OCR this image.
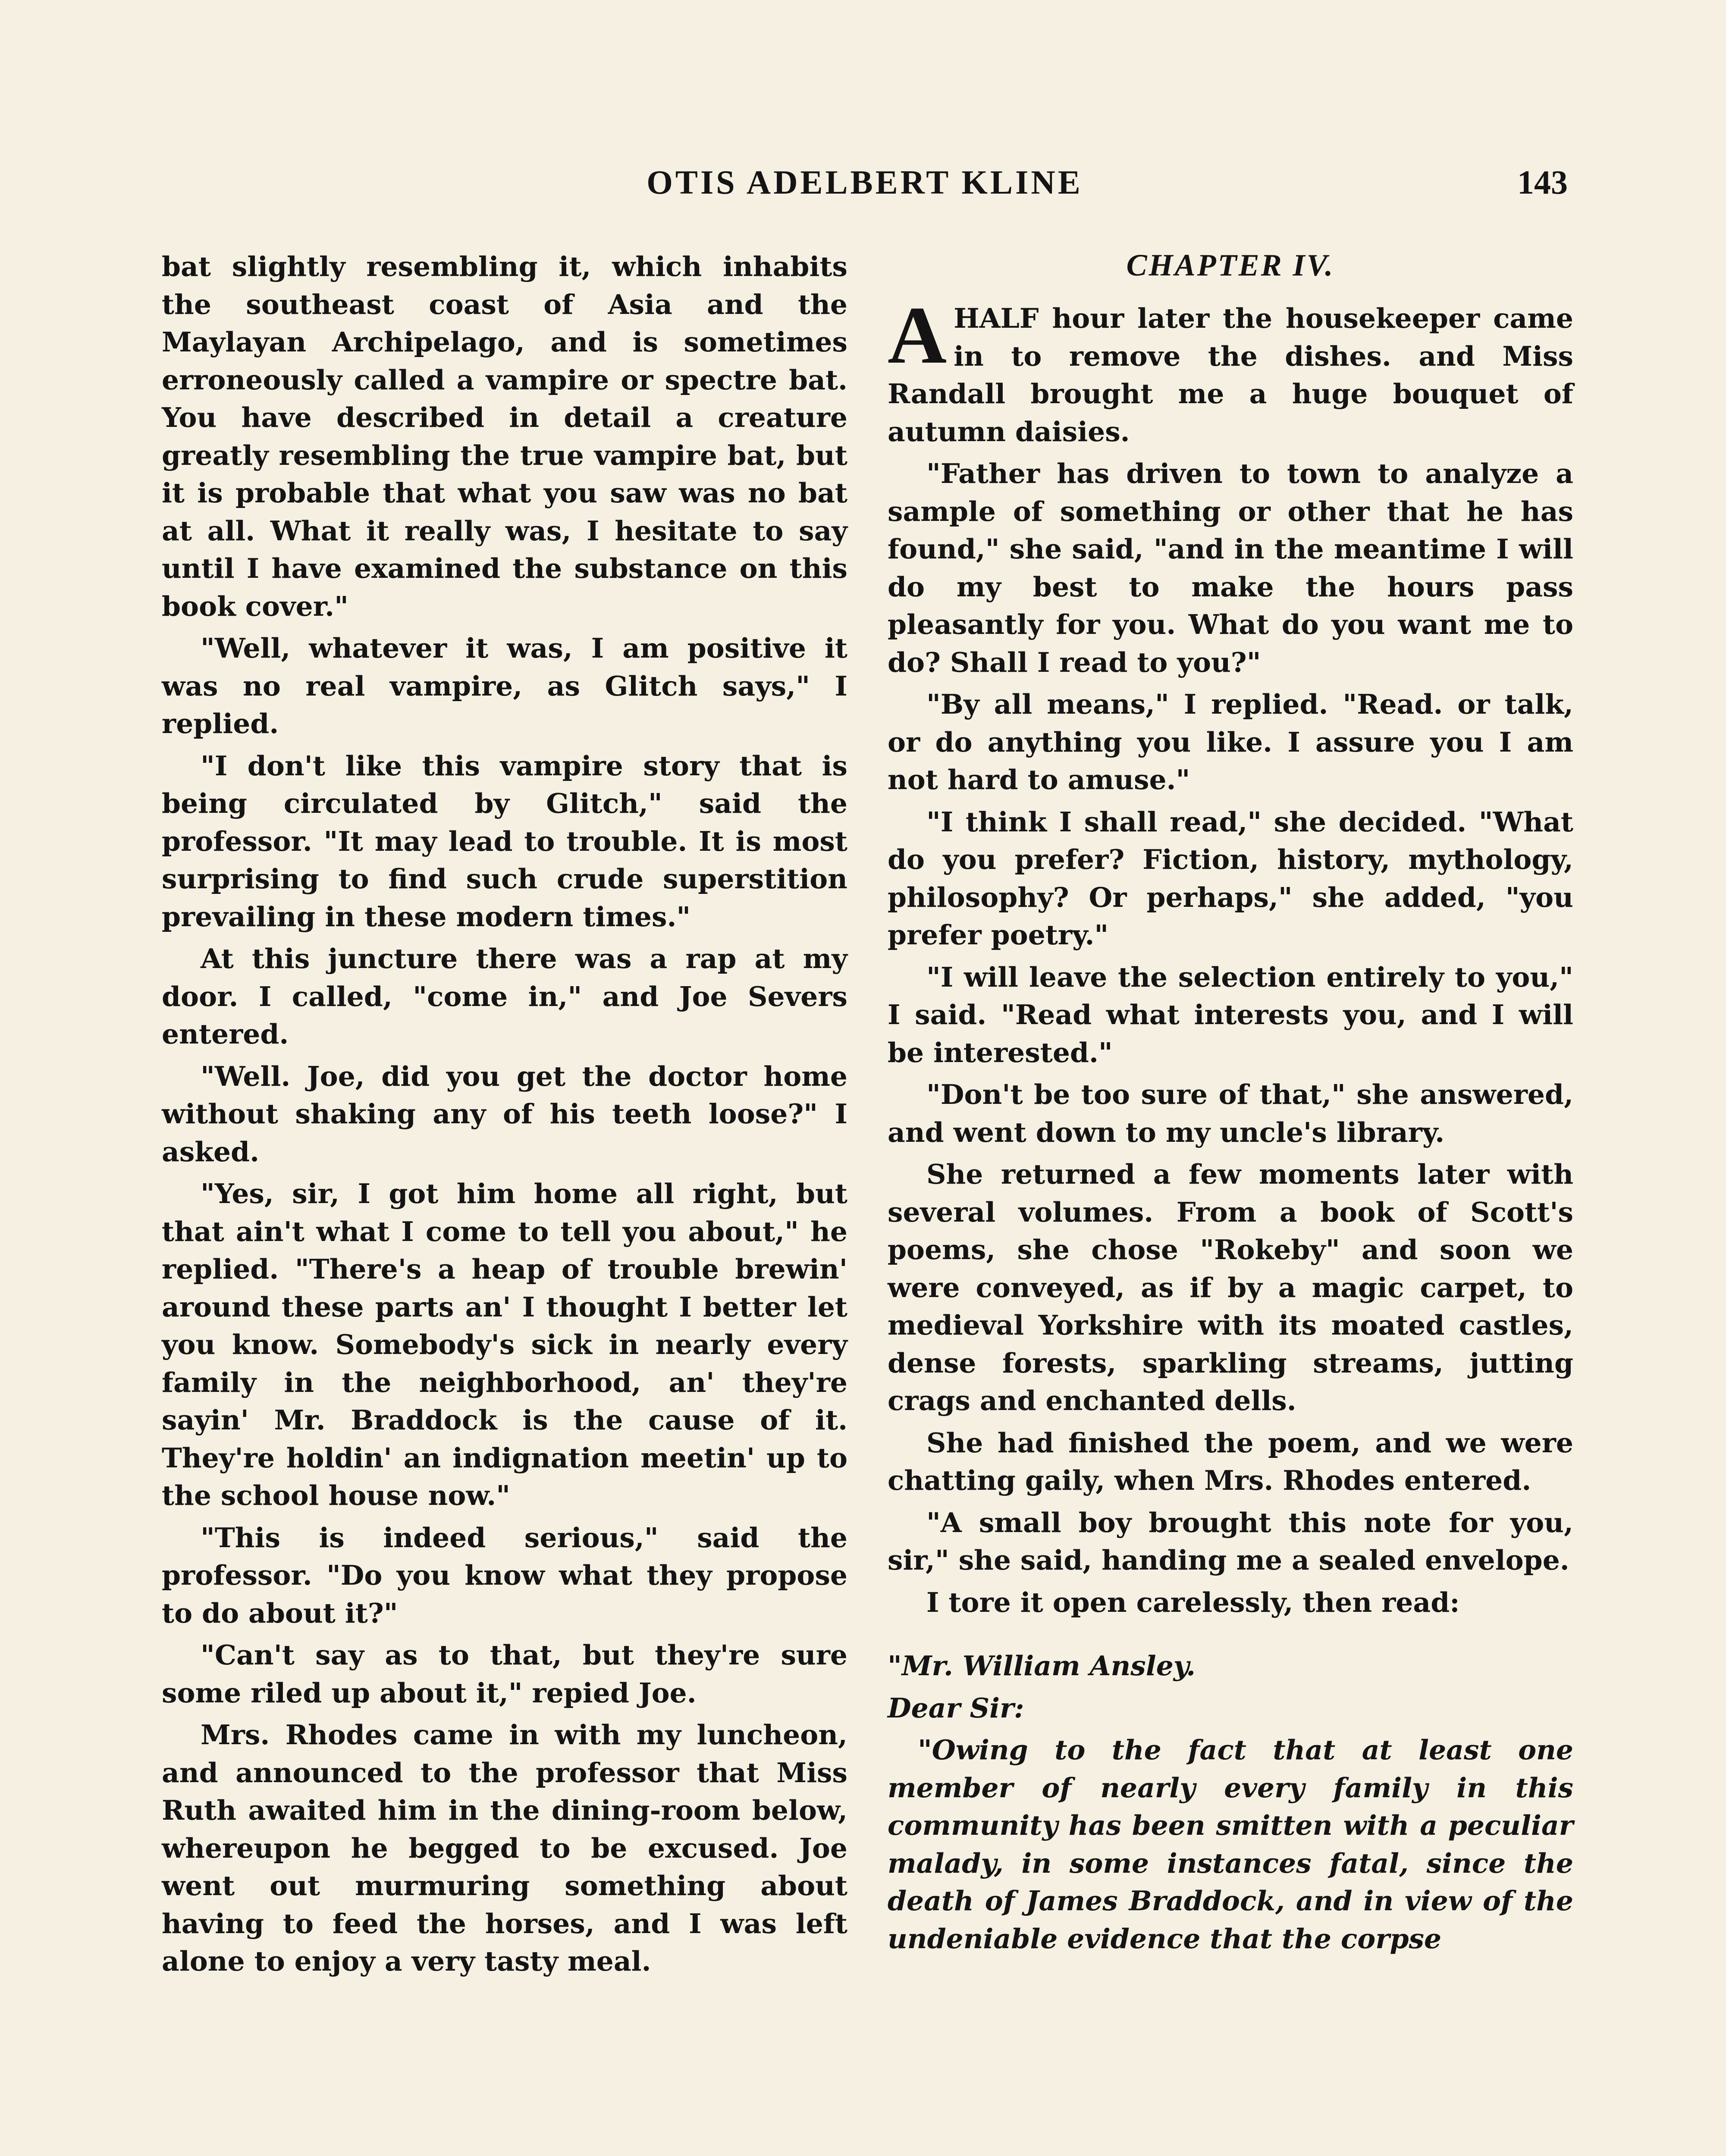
OTIS ADELBERT KLINE	143

bat slightly resembling it, which inhabits the southeast coast of Asia and the Maylayan Archipelago, and is sometimes erroneously called a vampire or spectre bat. You have described in detail a creature greatly resembling the true vampire bat, but it is probable that what you saw was no bat at all. What it really was, I hesitate to say until I have examined the substance on this book cover."

"Well, whatever it was, I am positive it was no real vampire, as Glitch says," I replied.

"I don't like this vampire story that is being circulated by Glitch," said the professor. "It may lead to trouble. It is most surprising to find such crude superstition prevailing in these modern times."

At this juncture there was a rap at my door. I called, "come in," and Joe Severs entered.

"Well. Joe, did you get the doctor home without shaking any of his teeth loose?" I asked.

"Yes, sir, I got him home all right, but that ain't what I come to tell you about," he replied. "There's a heap of trouble brewin' around these parts an' I thought I better let you know. Somebody's sick in nearly every family in the neighborhood, an' they're sayin' Mr. Braddock is the cause of it. They're holdin' an indignation meetin' up to the school house now."

"This is indeed serious," said the professor. "Do you know what they propose to do about it?"

"Can't say as to that, but they're sure some riled up about it," repied Joe.

Mrs. Rhodes came in with my luncheon, and announced to the professor that Miss Ruth awaited him in the dining-room below, whereupon he begged to be excused. Joe went out murmuring something about having to feed the horses, and I was left alone to enjoy a very tasty meal.

CHAPTER IV.

AHALF hour later the housekeeper came in to remove the dishes. and Miss Randall brought me a huge bouquet of autumn daisies.

"Father has driven to town to analyze a sample of something or other that he has found," she said, "and in the meantime I will do my best to make the hours pass pleasantly for you. What do you want me to do? Shall I read to you?"

"By all means," I replied. "Read. or talk, or do anything you like. I assure you I am not hard to amuse."

"I think I shall read," she decided. "What do you prefer? Fiction, history, mythology, philosophy? Or perhaps," she added, "you prefer poetry."

"I will leave the selection entirely to you," I said. "Read what interests you, and I will be interested."

"Don't be too sure of that," she answered, and went down to my uncle's library.

She returned a few moments later with several volumes. From a book of Scott's poems, she chose "Rokeby" and soon we were conveyed, as if by a magic carpet, to medieval Yorkshire with its moated castles, dense forests, sparkling streams, jutting crags and enchanted dells.

She had finished the poem, and we were chatting gaily, when Mrs. Rhodes entered.

"A small boy brought this note for you, sir," she said, handing me a sealed envelope.

I tore it open carelessly, then read:

"Mr. William Ansley.

Dear Sir:

"Owing to the fact that at least one member of nearly every family in this community has been smitten with a peculiar malady, in some instances fatal, since the death of James Braddock, and in view of the undeniable evidence that the corpse
